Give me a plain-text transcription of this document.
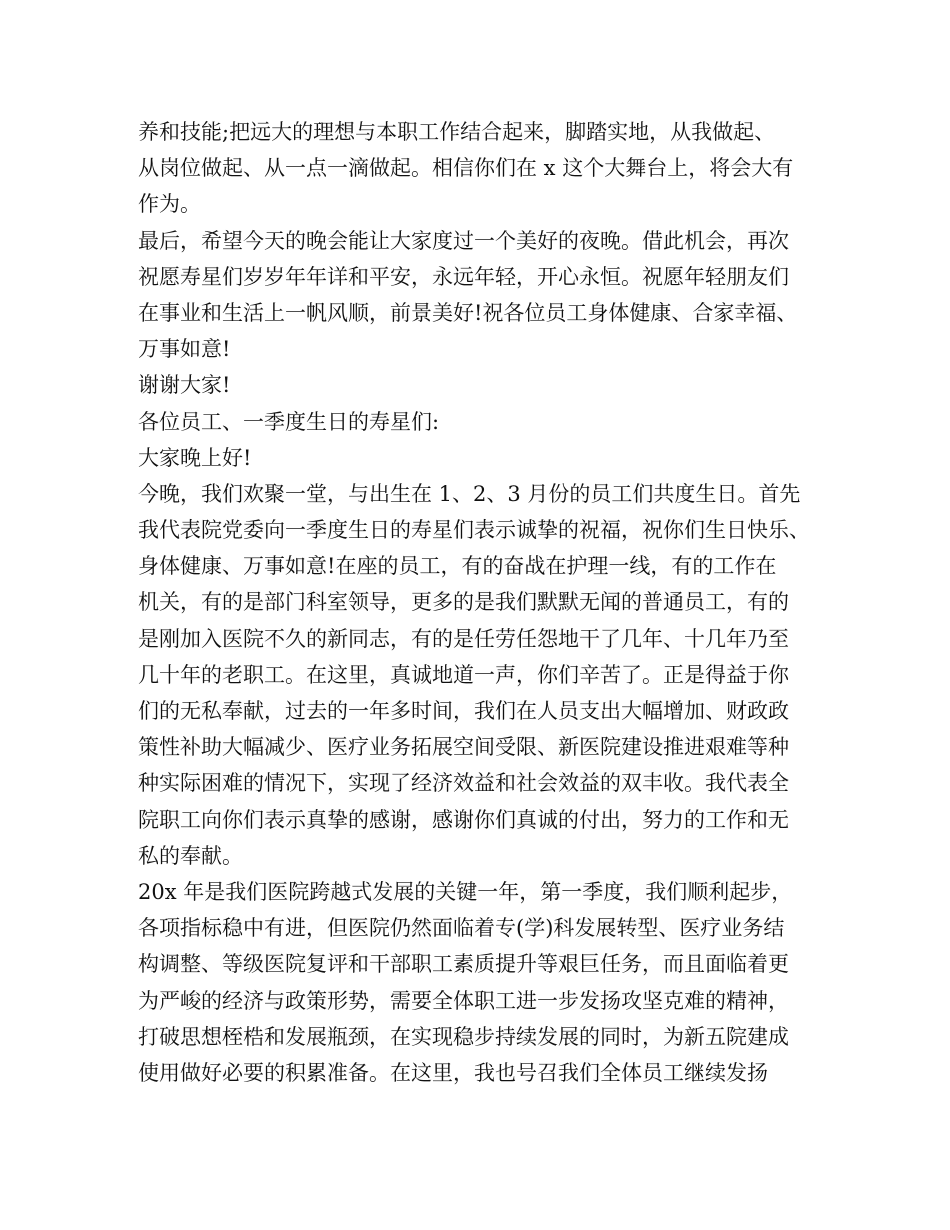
养和技能;把远大的理想与本职工作结合起来，脚踏实地，从我做起、

从岗位做起、从一点一滴做起。相信你们在 x 这个大舞台上，将会大有

作为。

最后，希望今天的晚会能让大家度过一个美好的夜晚。借此机会，再次

祝愿寿星们岁岁年年详和平安，永远年轻，开心永恒。祝愿年轻朋友们

在事业和生活上一帆风顺，前景美好!祝各位员工身体健康、合家幸福、

万事如意!

谢谢大家!

各位员工、一季度生日的寿星们:

大家晚上好!

今晚，我们欢聚一堂，与出生在 1、2、3 月份的员工们共度生日。首先

我代表院党委向一季度生日的寿星们表示诚挚的祝福，祝你们生日快乐、

身体健康、万事如意!在座的员工，有的奋战在护理一线，有的工作在

机关，有的是部门科室领导，更多的是我们默默无闻的普通员工，有的

是刚加入医院不久的新同志，有的是任劳任怨地干了几年、十几年乃至

几十年的老职工。在这里，真诚地道一声，你们辛苦了。正是得益于你

们的无私奉献，过去的一年多时间，我们在人员支出大幅增加、财政政

策性补助大幅减少、医疗业务拓展空间受限、新医院建设推进艰难等种

种实际困难的情况下，实现了经济效益和社会效益的双丰收。我代表全

院职工向你们表示真挚的感谢，感谢你们真诚的付出，努力的工作和无

私的奉献。

20x 年是我们医院跨越式发展的关键一年，第一季度，我们顺利起步，

各项指标稳中有进，但医院仍然面临着专(学)科发展转型、医疗业务结

构调整、等级医院复评和干部职工素质提升等艰巨任务，而且面临着更

为严峻的经济与政策形势，需要全体职工进一步发扬攻坚克难的精神，

打破思想桎梏和发展瓶颈，在实现稳步持续发展的同时，为新五院建成

使用做好必要的积累准备。在这里，我也号召我们全体员工继续发扬
